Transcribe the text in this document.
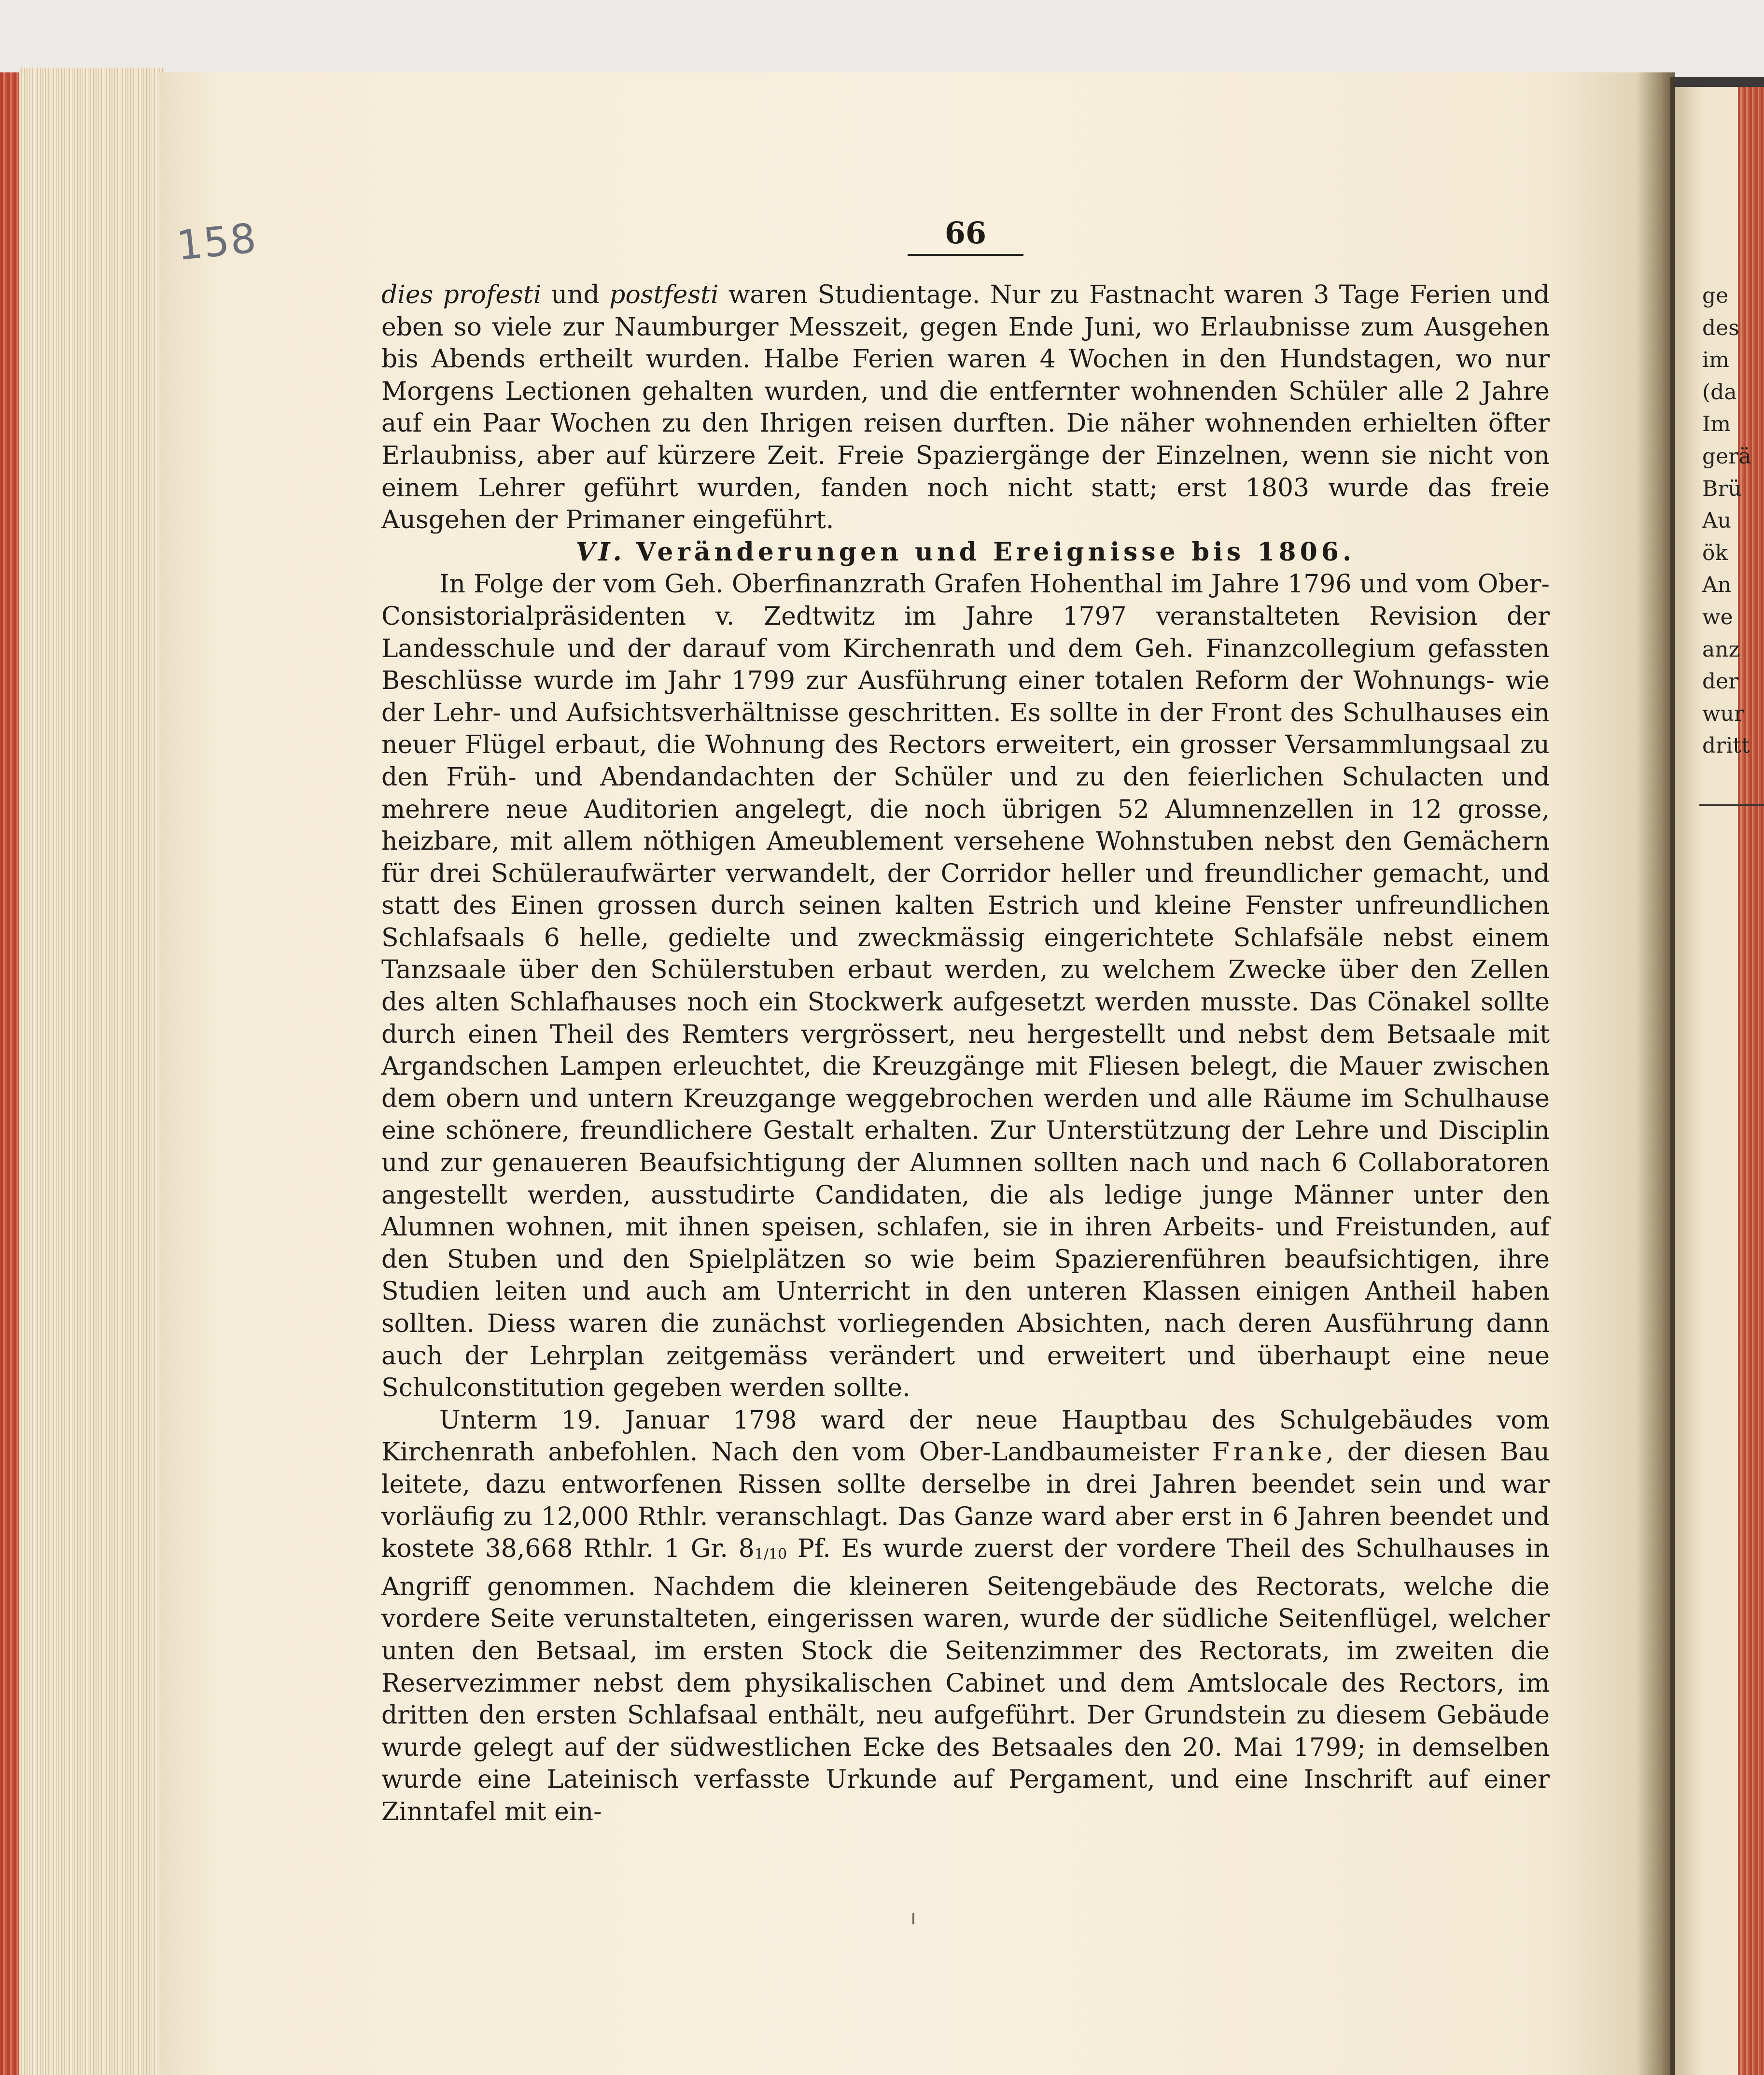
158	66

dies profesti und postfesti waren Studientage. Nur zu Fastnacht waren 3 Tage Ferien und eben so viele zur Naumburger Messzeit, gegen Ende Juni, wo Erlaubnisse zum Ausgehen bis Abends ertheilt wurden. Halbe Ferien waren 4 Wochen in den Hundstagen, wo nur Morgens Lectionen gehalten wurden, und die entfernter wohnenden Schüler alle 2 Jahre auf ein Paar Wochen zu den Ihrigen reisen durften. Die näher wohnenden erhielten öfter Erlaubniss, aber auf kürzere Zeit. Freie Spaziergänge der Einzelnen, wenn sie nicht von einem Lehrer geführt wurden, fanden noch nicht statt; erst 1803 wurde das freie Ausgehen der Primaner eingeführt.

VI. Veränderungen und Ereignisse bis 1806.

In Folge der vom Geh. Oberfinanzrath Grafen Hohenthal im Jahre 1796 und vom Ober-Consistorialpräsidenten v. Zedtwitz im Jahre 1797 veranstalteten Revision der Landesschule und der darauf vom Kirchenrath und dem Geh. Finanzcollegium gefassten Beschlüsse wurde im Jahr 1799 zur Ausführung einer totalen Reform der Wohnungs- wie der Lehr- und Aufsichtsverhältnisse geschritten. Es sollte in der Front des Schulhauses ein neuer Flügel erbaut, die Wohnung des Rectors erweitert, ein grosser Versammlungsaal zu den Früh- und Abendandachten der Schüler und zu den feierlichen Schulacten und mehrere neue Auditorien angelegt, die noch übrigen 52 Alumnenzellen in 12 grosse, heizbare, mit allem nöthigen Ameublement versehene Wohnstuben nebst den Gemächern für drei Schüleraufwärter verwandelt, der Corridor heller und freundlicher gemacht, und statt des Einen grossen durch seinen kalten Estrich und kleine Fenster unfreundlichen Schlafsaals 6 helle, gedielte und zweckmässig eingerichtete Schlafsäle nebst einem Tanzsaale über den Schülerstuben erbaut werden, zu welchem Zwecke über den Zellen des alten Schlafhauses noch ein Stockwerk aufgesetzt werden musste. Das Cönakel sollte durch einen Theil des Remters vergrössert, neu hergestellt und nebst dem Betsaale mit Argandschen Lampen erleuchtet, die Kreuzgänge mit Fliesen belegt, die Mauer zwischen dem obern und untern Kreuzgange weggebrochen werden und alle Räume im Schulhause eine schönere, freundlichere Gestalt erhalten. Zur Unterstützung der Lehre und Disciplin und zur genaueren Beaufsichtigung der Alumnen sollten nach und nach 6 Collaboratoren angestellt werden, ausstudirte Candidaten, die als ledige junge Männer unter den Alumnen wohnen, mit ihnen speisen, schlafen, sie in ihren Arbeits- und Freistunden, auf den Stuben und den Spielplätzen so wie beim Spazierenführen beaufsichtigen, ihre Studien leiten und auch am Unterricht in den unteren Klassen einigen Antheil haben sollten. Diess waren die zunächst vorliegenden Absichten, nach deren Ausführung dann auch der Lehrplan zeitgemäss verändert und erweitert und überhaupt eine neue Schulconstitution gegeben werden sollte.

Unterm 19. Januar 1798 ward der neue Hauptbau des Schulgebäudes vom Kirchenrath anbefohlen. Nach den vom Ober-Landbaumeister Franke, der diesen Bau leitete, dazu entworfenen Rissen sollte derselbe in drei Jahren beendet sein und war vorläufig zu 12,000 Rthlr. veranschlagt. Das Ganze ward aber erst in 6 Jahren beendet und kostete 38,668 Rthlr. 1 Gr. 81/10 Pf. Es wurde zuerst der vordere Theil des Schulhauses in Angriff genommen. Nachdem die kleineren Seitengebäude des Rectorats, welche die vordere Seite verunstalteten, eingerissen waren, wurde der südliche Seitenflügel, welcher unten den Betsaal, im ersten Stock die Seitenzimmer des Rectorats, im zweiten die Reservezimmer nebst dem physikalischen Cabinet und dem Amtslocale des Rectors, im dritten den ersten Schlafsaal enthält, neu aufgeführt. Der Grundstein zu diesem Gebäude wurde gelegt auf der südwestlichen Ecke des Betsaales den 20. Mai 1799; in demselben wurde eine Lateinisch verfasste Urkunde auf Pergament, und eine Inschrift auf einer Zinntafel mit ein-

ge
des
im
(da
Im
gerä
Brü
Au
ök
An
we
anz
der
wur
dritt
